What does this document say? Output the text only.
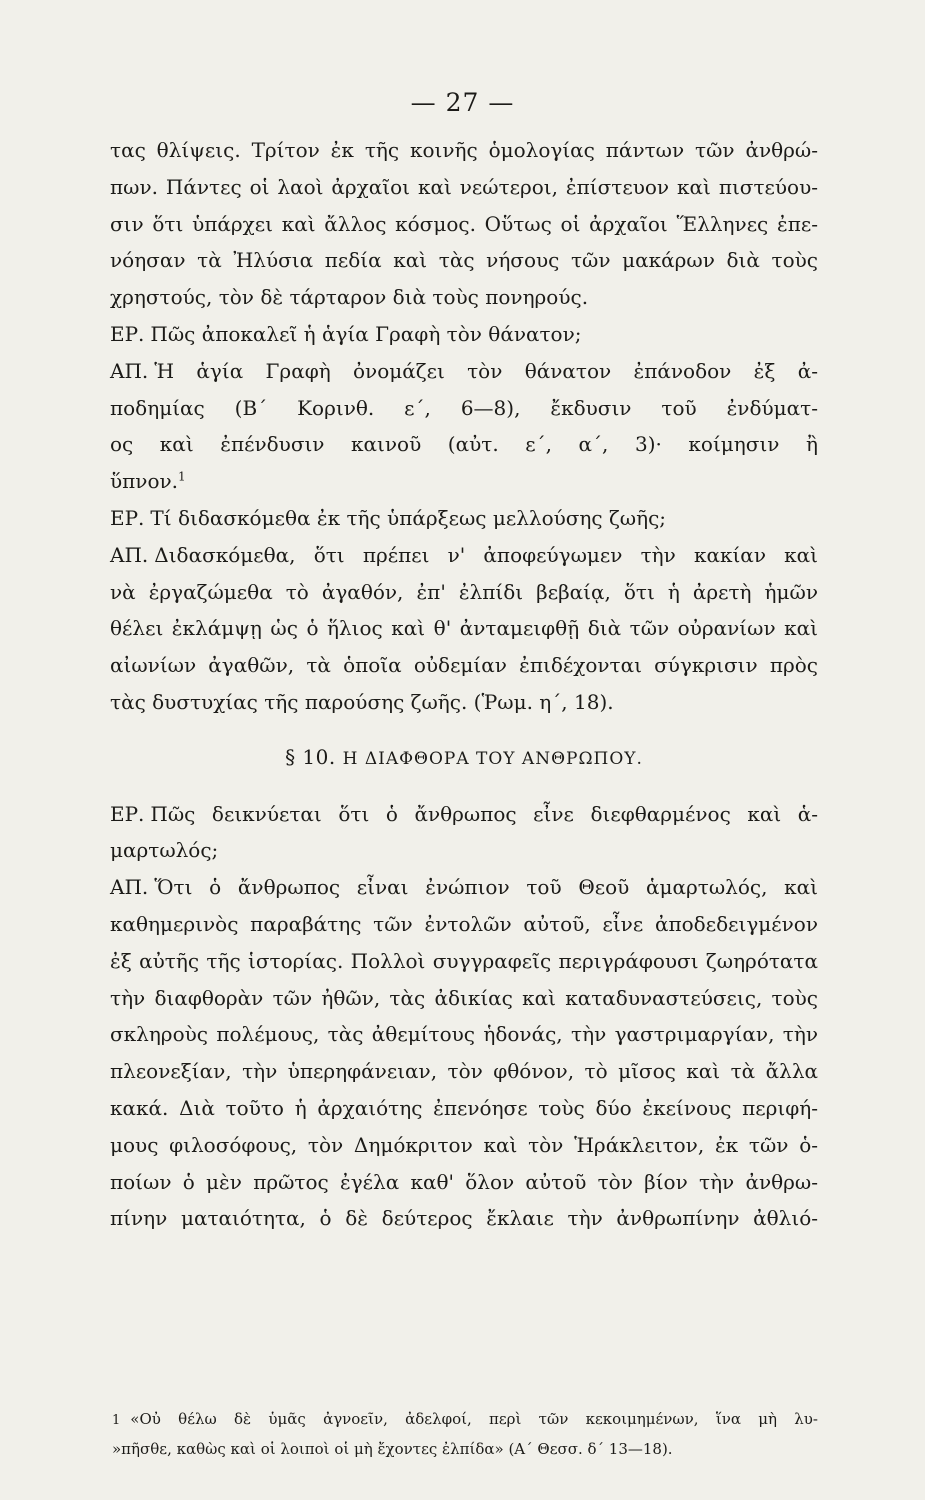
— 27 —
τας θλίψεις. Τρίτον ἐκ τῆς κοινῆς ὁμολογίας πάντων τῶν ἀνθρώ-
πων. Πάντες οἱ λαοὶ ἀρχαῖοι καὶ νεώτεροι, ἐπίστευον καὶ πιστεύου-
σιν ὅτι ὑπάρχει καὶ ἄλλος κόσμος. Οὕτως οἱ ἀρχαῖοι Ἕλληνες ἐπε-
νόησαν τὰ Ἠλύσια πεδία καὶ τὰς νήσους τῶν μακάρων διὰ τοὺς
χρηστούς, τὸν δὲ τάρταρον διὰ τοὺς πονηρούς.
ΕΡ. Πῶς ἀποκαλεῖ ἡ ἁγία Γραφὴ τὸν θάνατον;
ΑΠ. Ἡ ἁγία Γραφὴ ὀνομάζει τὸν θάνατον ἐπάνοδον ἐξ ἀ-
ποδημίας (Β´ Κορινθ. ε´, 6—8), ἔκδυσιν τοῦ ἐνδύματ-
ος καὶ ἐπένδυσιν καινοῦ (αὐτ. ε´, α´, 3)· κοίμησιν ἢ
ὕπνον.$^1$
ΕΡ. Τί διδασκόμεθα ἐκ τῆς ὑπάρξεως μελλούσης ζωῆς;
ΑΠ. Διδασκόμεθα, ὅτι πρέπει ν' ἀποφεύγωμεν τὴν κακίαν καὶ
νὰ ἐργαζώμεθα τὸ ἀγαθόν, ἐπ' ἐλπίδι βεβαίᾳ, ὅτι ἡ ἀρετὴ ἡμῶν
θέλει ἐκλάμψῃ ὡς ὁ ἥλιος καὶ θ' ἀνταμειφθῇ διὰ τῶν οὐρανίων καὶ
αἰωνίων ἀγαθῶν, τὰ ὁποῖα οὐδεμίαν ἐπιδέχονται σύγκρισιν πρὸς
τὰς δυστυχίας τῆς παρούσης ζωῆς. (Ῥωμ. η´, 18).
§ 10. Η ΔΙΑΦΘΟΡΑ ΤΟΥ ΑΝΘΡΩΠΟΥ.
ΕΡ. Πῶς δεικνύεται ὅτι ὁ ἄνθρωπος εἶνε διεφθαρμένος καὶ ἁ-
μαρτωλός;
ΑΠ. Ὅτι ὁ ἄνθρωπος εἶναι ἐνώπιον τοῦ Θεοῦ ἁμαρτωλός, καὶ
καθημερινὸς παραβάτης τῶν ἐντολῶν αὐτοῦ, εἶνε ἀποδεδειγμένον
ἐξ αὐτῆς τῆς ἱστορίας. Πολλοὶ συγγραφεῖς περιγράφουσι ζωηρότατα
τὴν διαφθορὰν τῶν ἠθῶν, τὰς ἀδικίας καὶ καταδυναστεύσεις, τοὺς
σκληροὺς πολέμους, τὰς ἀθεμίτους ἡδονάς, τὴν γαστριμαργίαν, τὴν
πλεονεξίαν, τὴν ὑπερηφάνειαν, τὸν φθόνον, τὸ μῖσος καὶ τὰ ἄλλα
κακά. Διὰ τοῦτο ἡ ἀρχαιότης ἐπενόησε τοὺς δύο ἐκείνους περιφή-
μους φιλοσόφους, τὸν Δημόκριτον καὶ τὸν Ἡράκλειτον, ἐκ τῶν ὁ-
ποίων ὁ μὲν πρῶτος ἐγέλα καθ' ὅλον αὐτοῦ τὸν βίον τὴν ἀνθρω-
πίνην ματαιότητα, ὁ δὲ δεύτερος ἔκλαιε τὴν ἀνθρωπίνην ἀθλιό-
1 «Οὐ θέλω δὲ ὑμᾶς ἀγνοεῖν, ἀδελφοί, περὶ τῶν κεκοιμημένων, ἵνα μὴ λυ-
»πῆσθε, καθὼς καὶ οἱ λοιποὶ οἱ μὴ ἔχοντες ἐλπίδα» (Α´ Θεσσ. δ´ 13—18).
